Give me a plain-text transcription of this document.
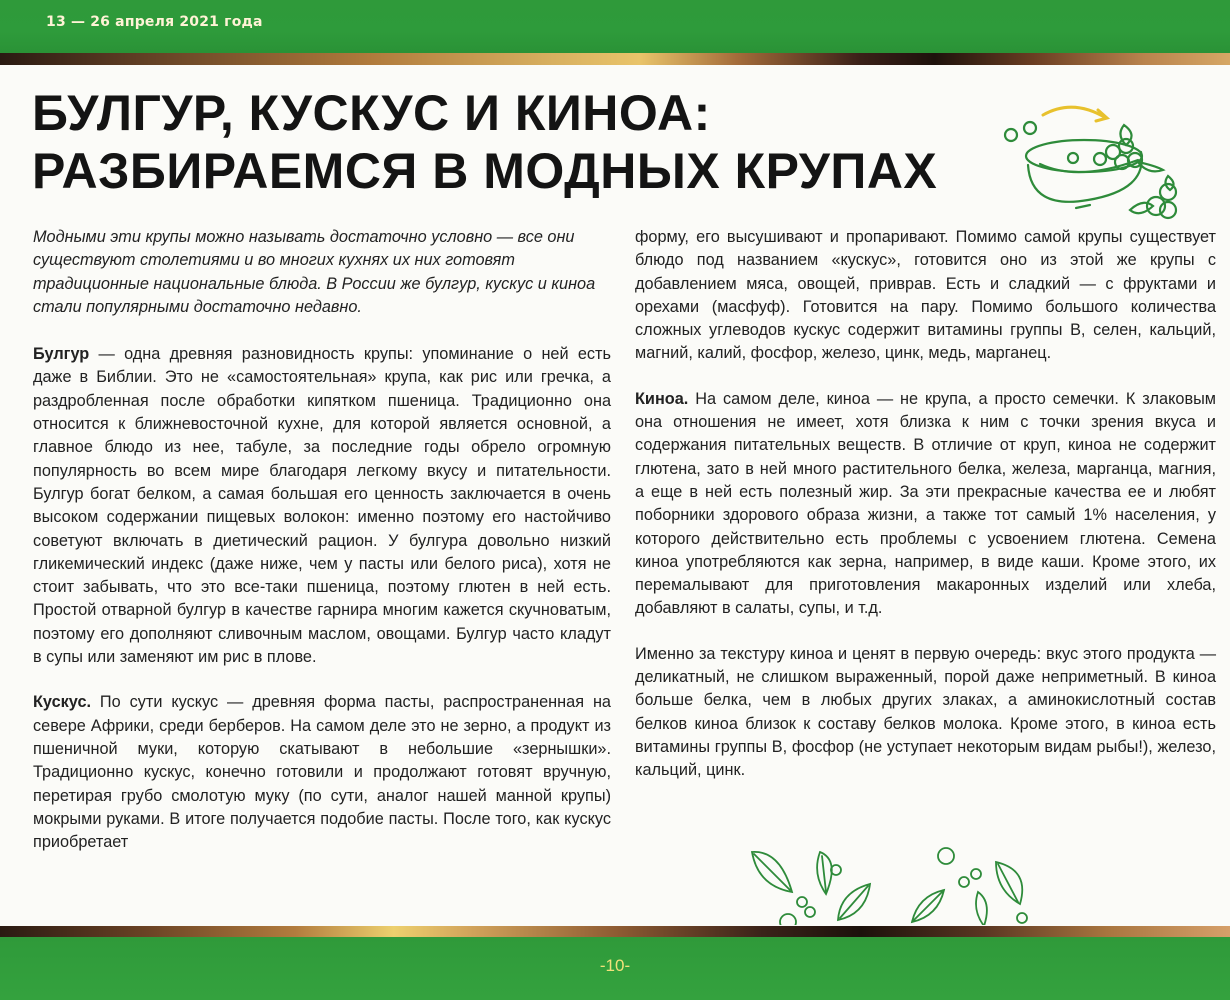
13 — 26 апреля 2021 года
БУЛГУР, КУСКУС И КИНОА:
РАЗБИРАЕМСЯ В МОДНЫХ КРУПАХ

Модными эти крупы можно называть достаточно условно — все они существуют столетиями и во многих кухнях их них готовят традиционные национальные блюда. В России же булгур, кускус и киноа стали популярными достаточно недавно.

Булгур — одна древняя разновидность крупы: упоминание о ней есть даже в Библии. Это не «самостоятельная» крупа, как рис или гречка, а раздробленная после обработки кипятком пшеница. Традиционно она относится к ближневосточной кухне, для которой является основной, а главное блюдо из нее, табуле, за последние годы обрело огромную популярность во всем мире благодаря легкому вкусу и питательности. Булгур богат белком, а самая большая его ценность заключается в очень высоком содержании пищевых волокон: именно поэтому его настойчиво советуют включать в диетический рацион. У булгура довольно низкий гликемический индекс (даже ниже, чем у пасты или белого риса), хотя не стоит забывать, что это все-таки пшеница, поэтому глютен в ней есть. Простой отварной булгур в качестве гарнира многим кажется скучноватым, поэтому его дополняют сливочным маслом, овощами. Булгур часто кладут в супы или заменяют им рис в плове.

Кускус. По сути кускус — древняя форма пасты, распространенная на севере Африки, среди берберов. На самом деле это не зерно, а продукт из пшеничной муки, которую скатывают в небольшие «зернышки». Традиционно кускус, конечно готовили и продолжают готовят вручную, перетирая грубо смолотую муку (по сути, аналог нашей манной крупы) мокрыми руками. В итоге получается подобие пасты. После того, как кускус приобретает

форму, его высушивают и пропаривают. Помимо самой крупы существует блюдо под названием «кускус», готовится оно из этой же крупы с добавлением мяса, овощей, приврав. Есть и сладкий — с фруктами и орехами (масфуф). Готовится на пару. Помимо большого количества сложных углеводов кускус содержит витамины группы В, селен, кальций, магний, калий, фосфор, железо, цинк, медь, марганец.

Киноа. На самом деле, киноа — не крупа, а просто семечки. К злаковым она отношения не имеет, хотя близка к ним с точки зрения вкуса и содержания питательных веществ. В отличие от круп, киноа не содержит глютена, зато в ней много растительного белка, железа, марганца, магния, а еще в ней есть полезный жир. За эти прекрасные качества ее и любят поборники здорового образа жизни, а также тот самый 1% населения, у которого действительно есть проблемы с усвоением глютена. Семена киноа употребляются как зерна, например, в виде каши. Кроме этого, их перемалывают для приготовления макаронных изделий или хлеба, добавляют в салаты, супы, и т.д.

Именно за текстуру киноа и ценят в первую очередь: вкус этого продукта — деликатный, не слишком выраженный, порой даже неприметный. В киноа больше белка, чем в любых других злаках, а аминокислотный состав белков киноа близок к составу белков молока. Кроме этого, в киноа есть витамины группы В, фосфор (не уступает некоторым видам рыбы!), железо, кальций, цинк.

-10-
